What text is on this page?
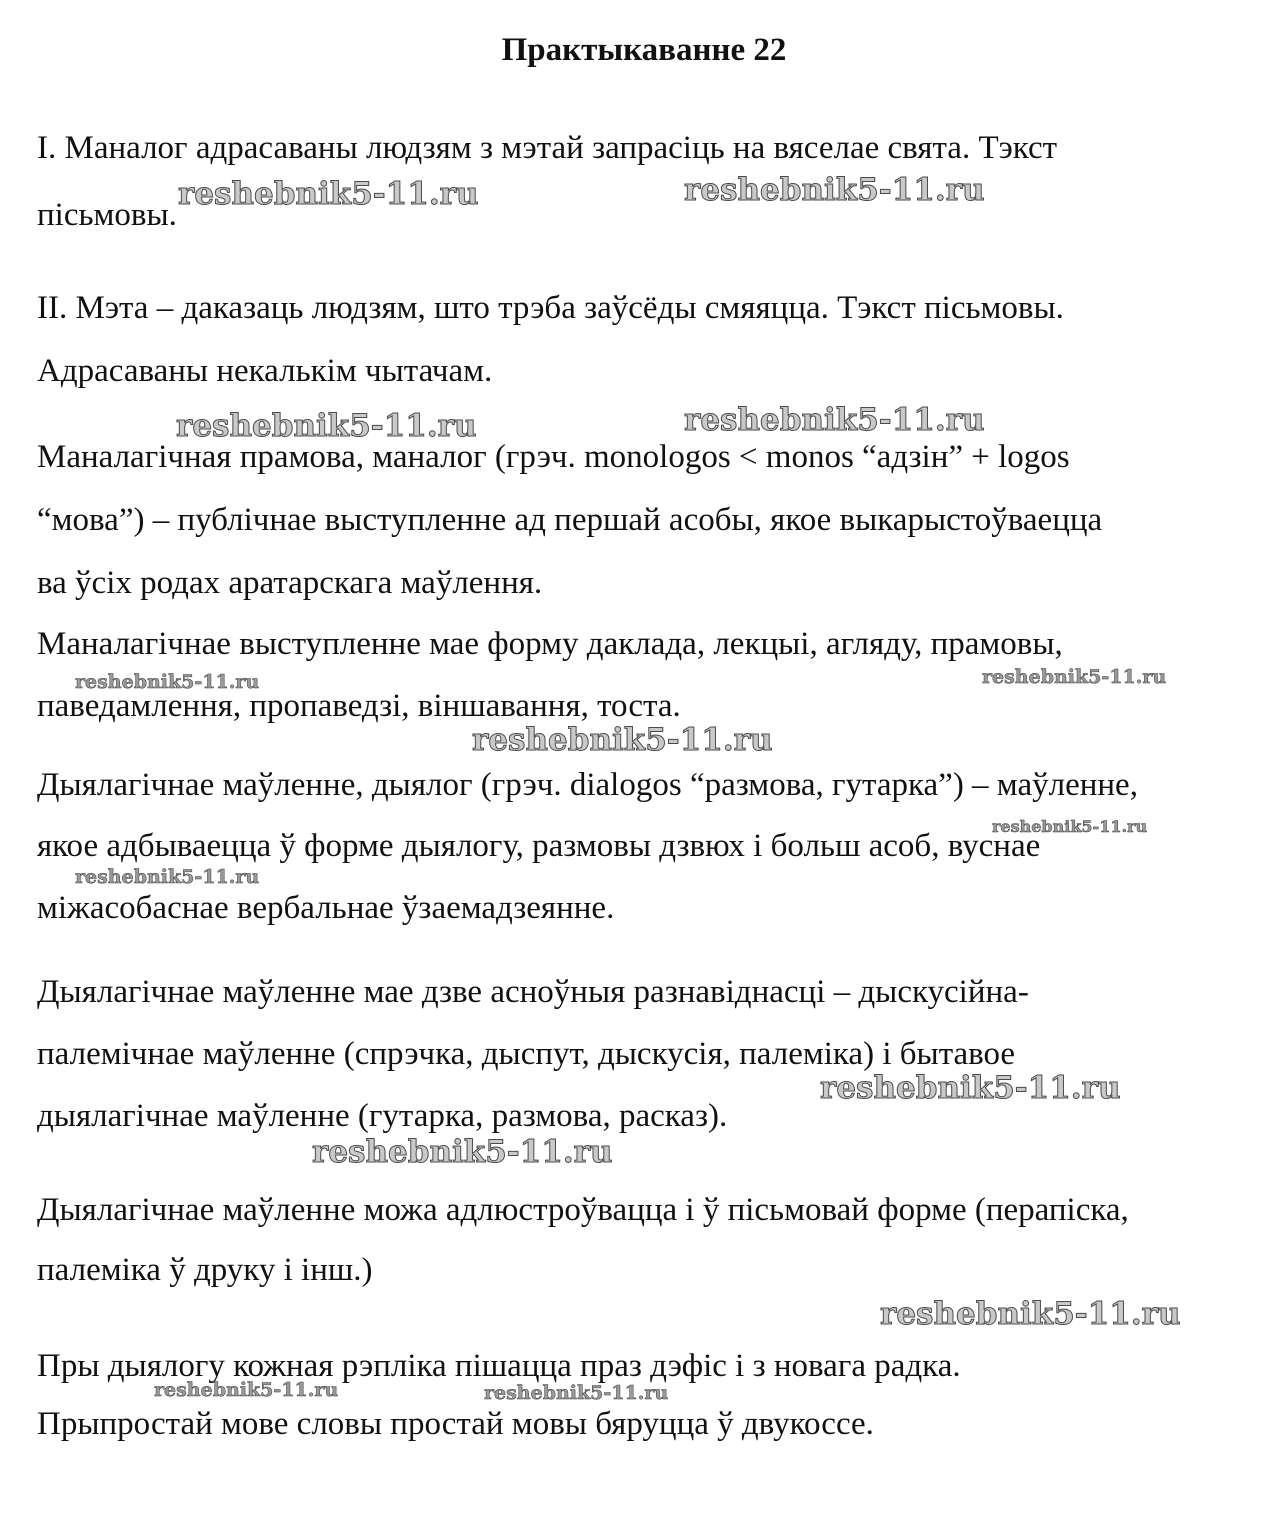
Практыкаванне 22

I. Маналог адрасаваны людзям з мэтай запрасіць на вяселае свята. Тэкст

пісьмовы.

II. Мэта – даказаць людзям, што трэба заўсёды смяяцца. Тэкст пісьмовы.

Адрасаваны некалькім чытачам.

Маналагічная прамова, маналог (грэч. monologos < monos “адзін” + logos

“мова”) – публічнае выступленне ад першай асобы, якое выкарыстоўваецца

ва ўсіх родах аратарскага маўлення.

Маналагічнае выступленне мае форму даклада, лекцыі, агляду, прамовы,

паведамлення, пропаведзі, віншавання, тоста.

Дыялагічнае маўленне, дыялог (грэч. dialogos “размова, гутарка”) – маўленне,

якое адбываецца ў форме дыялогу, размовы дзвюх і больш асоб, вуснае

міжасобаснае вербальнае ўзаемадзеянне.

Дыялагічнае маўленне мае дзве асноўныя разнавіднасці – дыскусійна-

палемічнае маўленне (спрэчка, дыспут, дыскусія, палеміка) і бытавое

дыялагічнае маўленне (гутарка, размова, расказ).

Дыялагічнае маўленне можа адлюстроўвацца і ў пісьмовай форме (перапіска,

палеміка ў друку і інш.)

Пры дыялогу кожная рэпліка пішацца праз дэфіс і з новага радка.

Прыпростай мове словы простай мовы бяруцца ў двукоссе.

reshebnik5-11.ru	reshebnik5-11.ru
reshebnik5-11.ru	reshebnik5-11.ru
reshebnik5-11.ru	reshebnik5-11.ru
reshebnik5-11.ru
reshebnik5-11.ru
reshebnik5-11.ru
reshebnik5-11.ru
reshebnik5-11.ru
reshebnik5-11.ru
reshebnik5-11.ru	reshebnik5-11.ru
